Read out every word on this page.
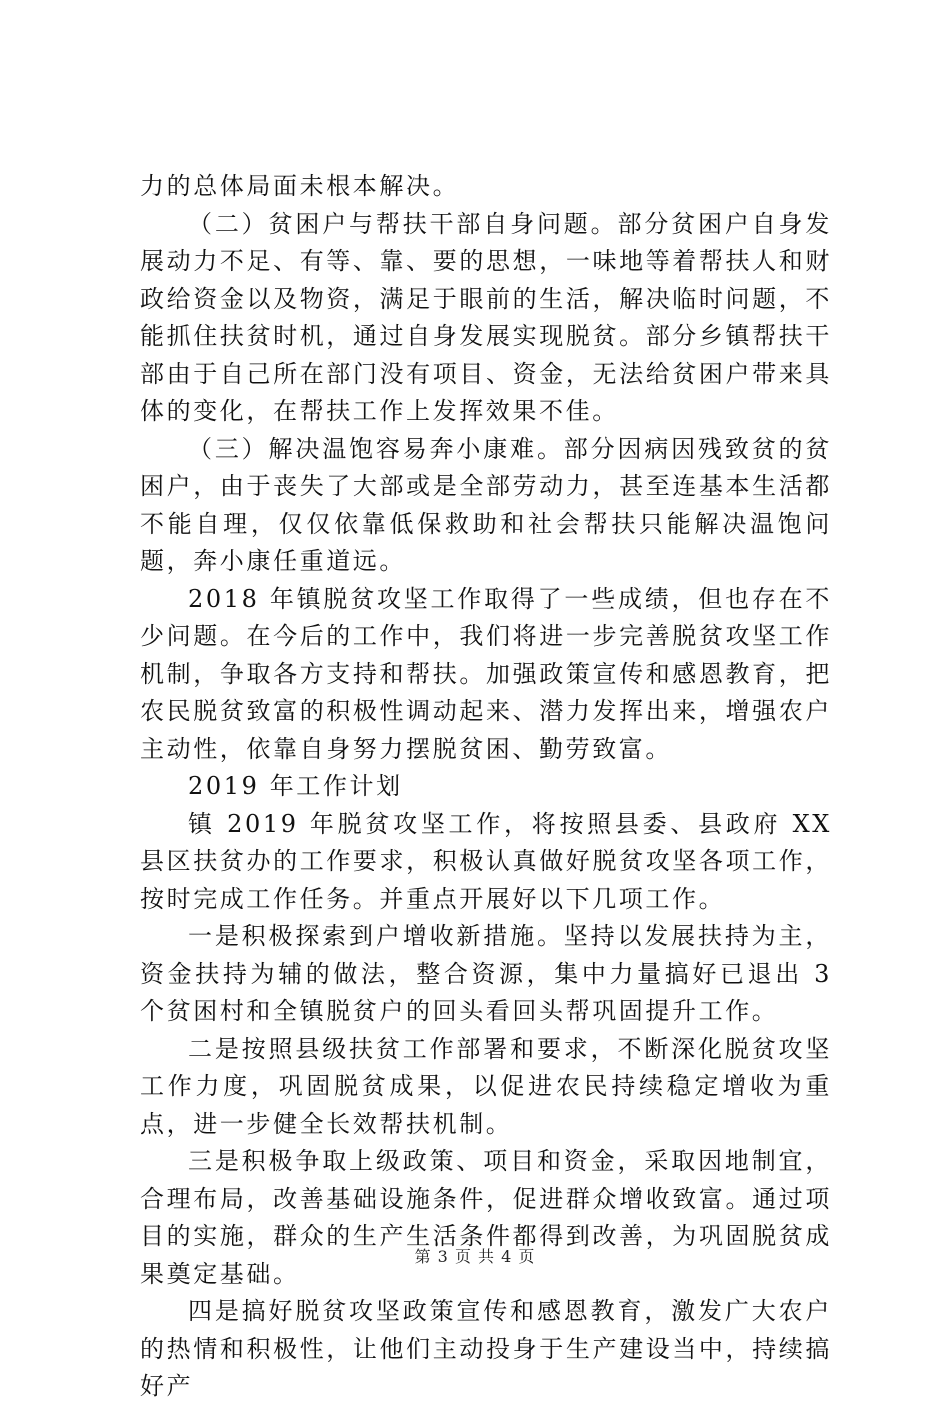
力的总体局面未根本解决。

（二）贫困户与帮扶干部自身问题。部分贫困户自身发展动力不足、有等、靠、要的思想，一味地等着帮扶人和财政给资金以及物资，满足于眼前的生活，解决临时问题，不能抓住扶贫时机，通过自身发展实现脱贫。部分乡镇帮扶干部由于自己所在部门没有项目、资金，无法给贫困户带来具体的变化，在帮扶工作上发挥效果不佳。

（三）解决温饱容易奔小康难。部分因病因残致贫的贫困户，由于丧失了大部或是全部劳动力，甚至连基本生活都不能自理，仅仅依靠低保救助和社会帮扶只能解决温饱问题，奔小康任重道远。

2018 年镇脱贫攻坚工作取得了一些成绩，但也存在不少问题。在今后的工作中，我们将进一步完善脱贫攻坚工作机制，争取各方支持和帮扶。加强政策宣传和感恩教育，把农民脱贫致富的积极性调动起来、潜力发挥出来，增强农户主动性，依靠自身努力摆脱贫困、勤劳致富。

2019 年工作计划

镇 2019 年脱贫攻坚工作，将按照县委、县政府 XX 县区扶贫办的工作要求，积极认真做好脱贫攻坚各项工作，按时完成工作任务。并重点开展好以下几项工作。

一是积极探索到户增收新措施。坚持以发展扶持为主，资金扶持为辅的做法，整合资源，集中力量搞好已退出 3 个贫困村和全镇脱贫户的回头看回头帮巩固提升工作。

二是按照县级扶贫工作部署和要求，不断深化脱贫攻坚工作力度，巩固脱贫成果，以促进农民持续稳定增收为重点，进一步健全长效帮扶机制。

三是积极争取上级政策、项目和资金，采取因地制宜，合理布局，改善基础设施条件，促进群众增收致富。通过项目的实施，群众的生产生活条件都得到改善，为巩固脱贫成果奠定基础。

四是搞好脱贫攻坚政策宣传和感恩教育，激发广大农户的热情和积极性，让他们主动投身于生产建设当中，持续搞好产

第 3 页 共 4 页
